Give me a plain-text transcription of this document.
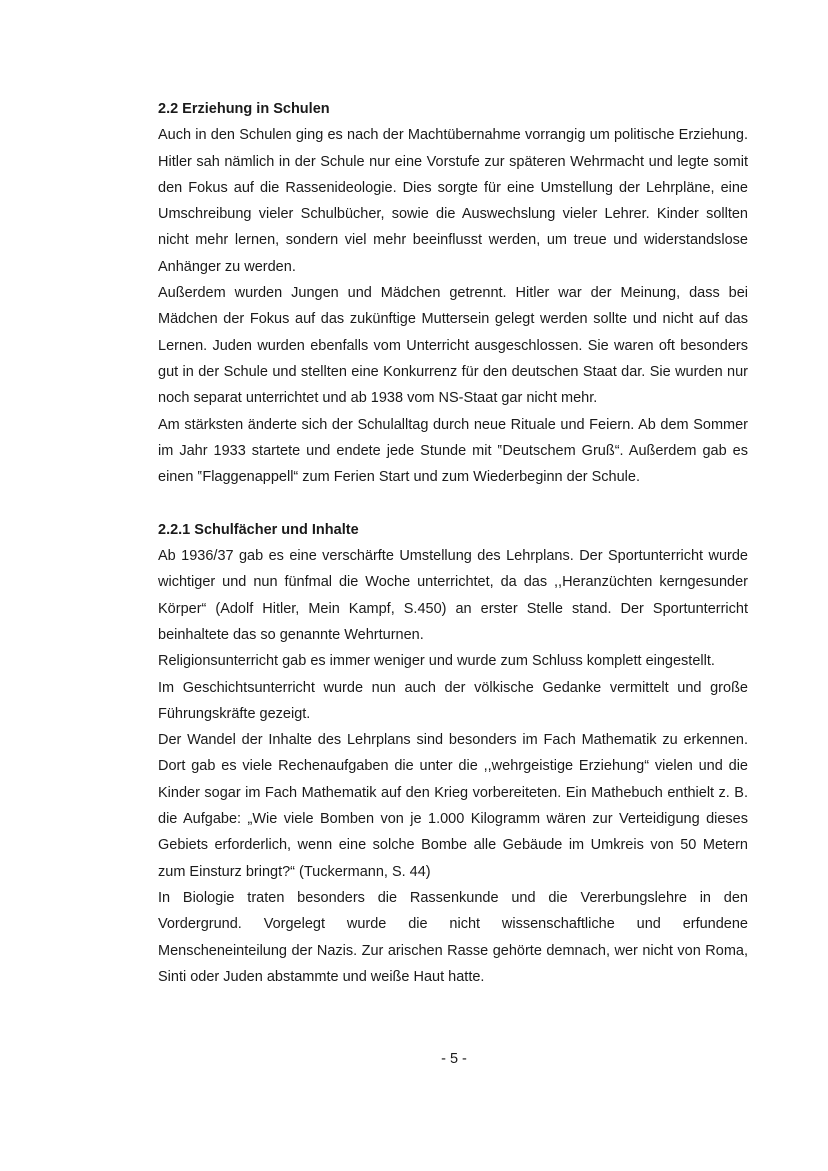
2.2 Erziehung in Schulen

Auch in den Schulen ging es nach der Machtübernahme vorrangig um politische Erziehung. Hitler sah nämlich in der Schule nur eine Vorstufe zur späteren Wehrmacht und legte somit den Fokus auf die Rassenideologie. Dies sorgte für eine Umstellung der Lehrpläne, eine Umschreibung vieler Schulbücher, sowie die Auswechslung vieler Lehrer. Kinder sollten nicht mehr lernen, sondern viel mehr beeinflusst werden, um treue und widerstandslose Anhänger zu werden.

Außerdem wurden Jungen und Mädchen getrennt. Hitler war der Meinung, dass bei Mädchen der Fokus auf das zukünftige Muttersein gelegt werden sollte und nicht auf das Lernen. Juden wurden ebenfalls vom Unterricht ausgeschlossen. Sie waren oft besonders gut in der Schule und stellten eine Konkurrenz für den deutschen Staat dar. Sie wurden nur noch separat unterrichtet und ab 1938 vom NS-Staat gar nicht mehr.

Am stärksten änderte sich der Schulalltag durch neue Rituale und Feiern. Ab dem Sommer im Jahr 1933 startete und endete jede Stunde mit ‟Deutschem Gruß“. Außerdem gab es einen ‟Flaggenappell“ zum Ferien Start und zum Wiederbeginn der Schule.

2.2.1 Schulfächer und Inhalte

Ab 1936/37 gab es eine verschärfte Umstellung des Lehrplans. Der Sportunterricht wurde wichtiger und nun fünfmal die Woche unterrichtet, da das ,,Heranzüchten kerngesunder Körper“ (Adolf Hitler, Mein Kampf, S.450) an erster Stelle stand. Der Sportunterricht beinhaltete das so genannte Wehrturnen.

Religionsunterricht gab es immer weniger und wurde zum Schluss komplett eingestellt.

Im Geschichtsunterricht wurde nun auch der völkische Gedanke vermittelt und große Führungskräfte gezeigt.

Der Wandel der Inhalte des Lehrplans sind besonders im Fach Mathematik zu erkennen. Dort gab es viele Rechenaufgaben die unter die ,,wehrgeistige Erziehung“ vielen und die Kinder sogar im Fach Mathematik auf den Krieg vorbereiteten. Ein Mathebuch enthielt z. B. die Aufgabe: „Wie viele Bomben von je 1.000 Kilogramm wären zur Verteidigung dieses Gebiets erforderlich, wenn eine solche Bombe alle Gebäude im Umkreis von 50 Metern zum Einsturz bringt?“ (Tuckermann, S. 44)

In Biologie traten besonders die Rassenkunde und die Vererbungslehre in den Vordergrund. Vorgelegt wurde die nicht wissenschaftliche und erfundene Menscheneinteilung der Nazis. Zur arischen Rasse gehörte demnach, wer nicht von Roma, Sinti oder Juden abstammte und weiße Haut hatte.

- 5 -
